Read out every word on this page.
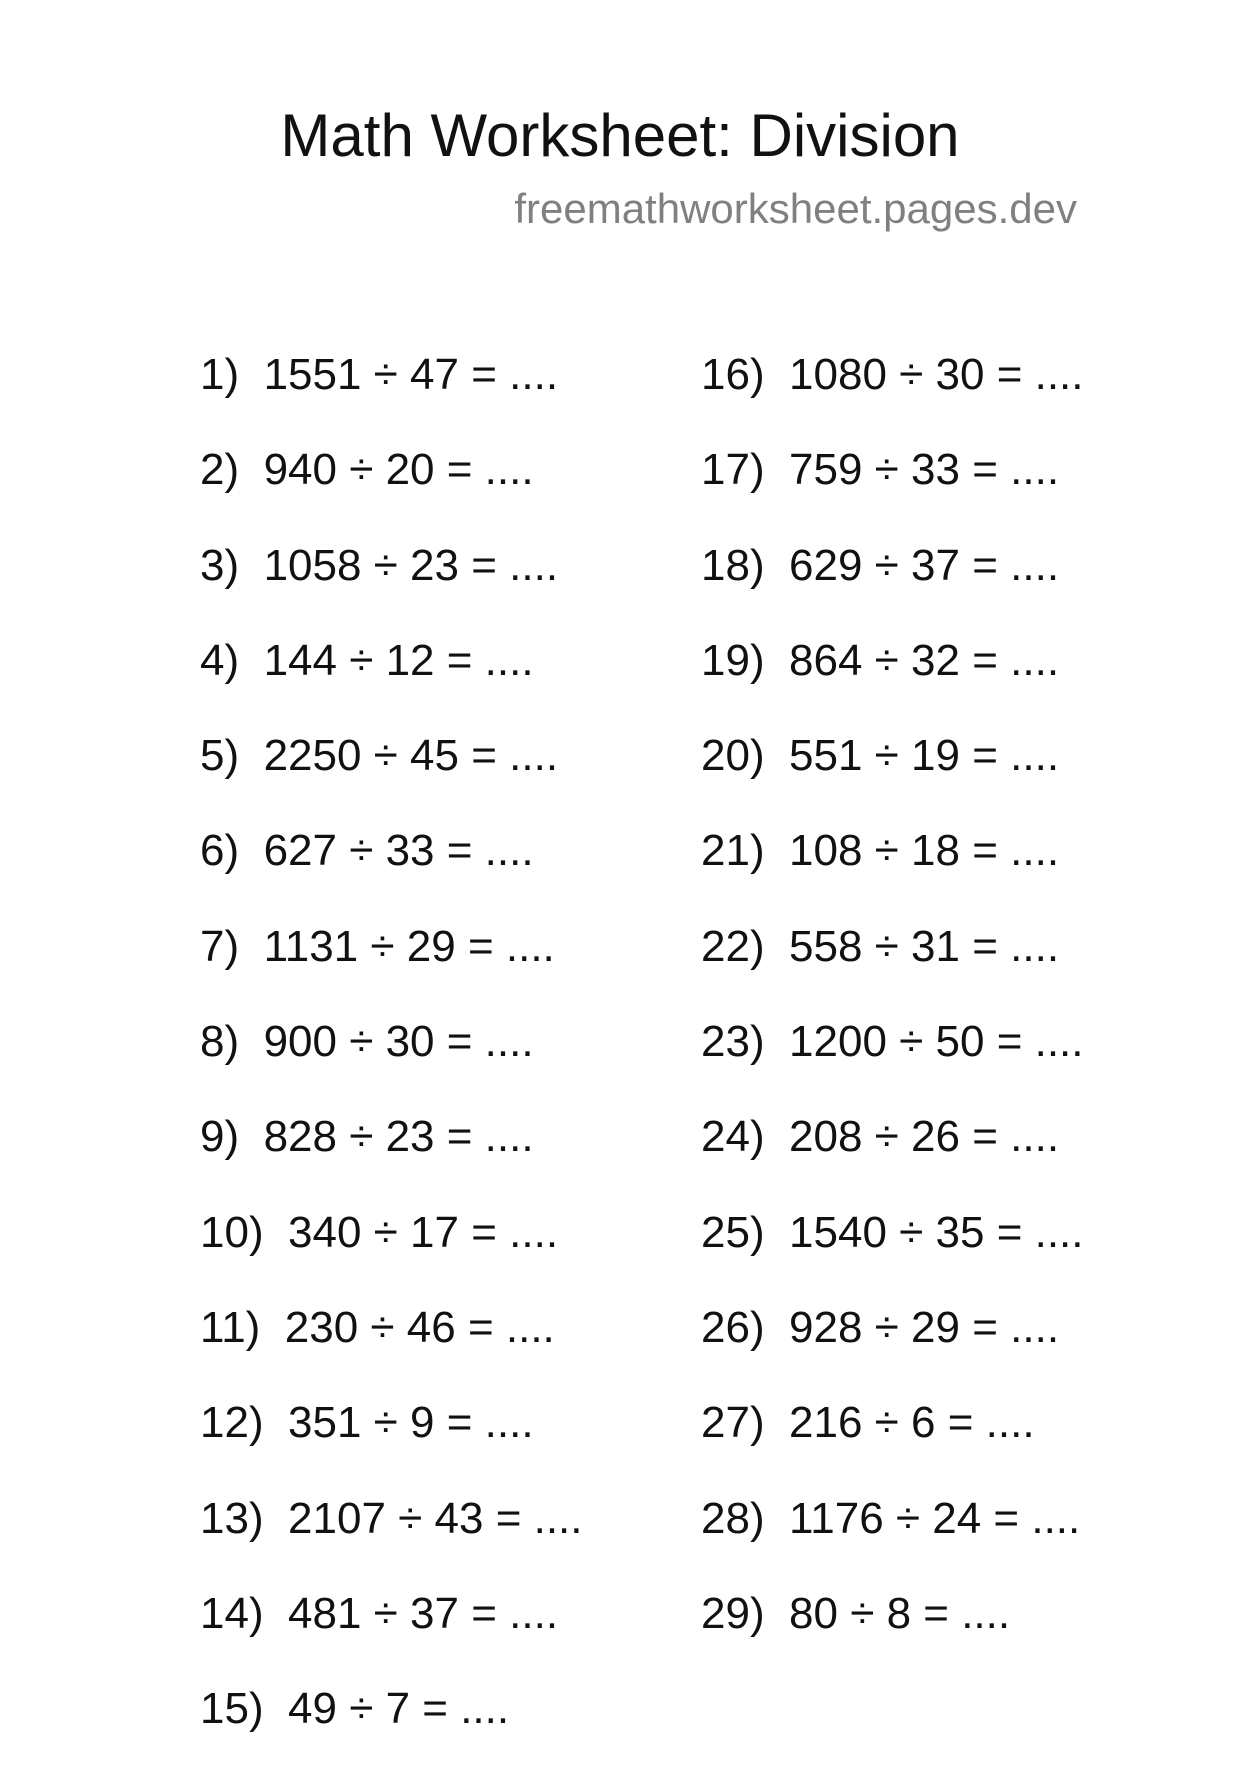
Math Worksheet: Division
freemathworksheet.pages.dev
1)  1551 ÷ 47 = ....
2)  940 ÷ 20 = ....
3)  1058 ÷ 23 = ....
4)  144 ÷ 12 = ....
5)  2250 ÷ 45 = ....
6)  627 ÷ 33 = ....
7)  1131 ÷ 29 = ....
8)  900 ÷ 30 = ....
9)  828 ÷ 23 = ....
10)  340 ÷ 17 = ....
11)  230 ÷ 46 = ....
12)  351 ÷ 9 = ....
13)  2107 ÷ 43 = ....
14)  481 ÷ 37 = ....
15)  49 ÷ 7 = ....
16)  1080 ÷ 30 = ....
17)  759 ÷ 33 = ....
18)  629 ÷ 37 = ....
19)  864 ÷ 32 = ....
20)  551 ÷ 19 = ....
21)  108 ÷ 18 = ....
22)  558 ÷ 31 = ....
23)  1200 ÷ 50 = ....
24)  208 ÷ 26 = ....
25)  1540 ÷ 35 = ....
26)  928 ÷ 29 = ....
27)  216 ÷ 6 = ....
28)  1176 ÷ 24 = ....
29)  80 ÷ 8 = ....
